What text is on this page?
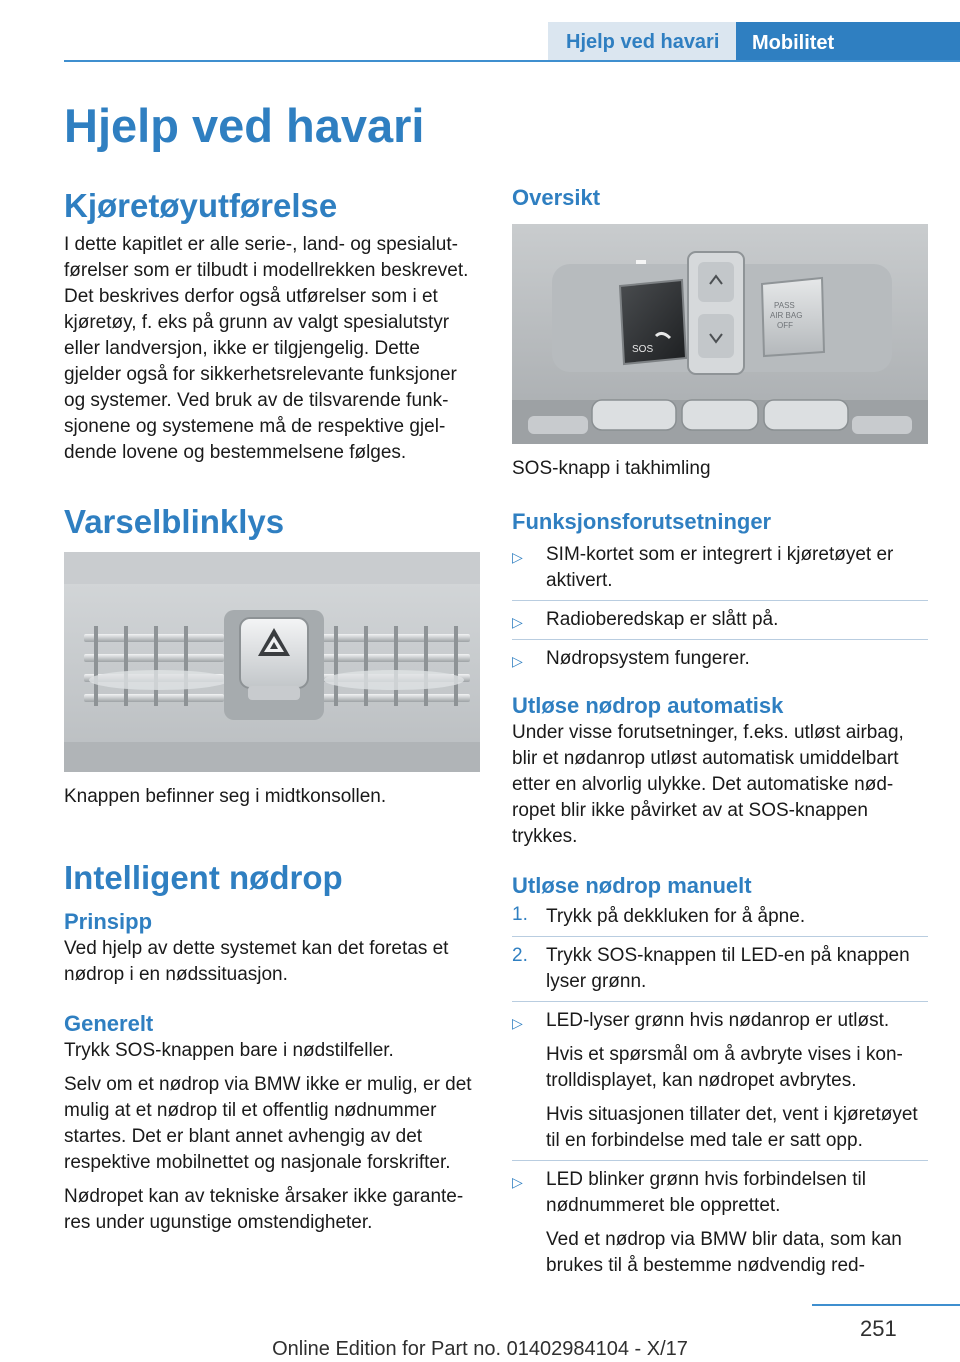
Hjelp ved havari	Mobilitet
Hjelp ved havari
Kjøretøyutførelse

I dette kapitlet er alle serie-, land- og spesialutførelser som er tilbudt i modellrekken beskrevet. Det beskrives derfor også utførelser som i et kjøretøy, f. eks på grunn av valgt spesialutstyr eller landversjon, ikke er tilgjengelig. Dette gjelder også for sikkerhetsrelevante funksjoner og systemer. Ved bruk av de tilsvarende funksjonene og systemene må de respektive gjeldende lovene og bestemmelsene følges.

Varselblinklys
Knappen befinner seg i midtkonsollen.
Intelligent nødrop
Prinsipp

Ved hjelp av dette systemet kan det foretas et nødrop i en nødssituasjon.

Generelt

Trykk SOS-knappen bare i nødstilfeller.

Selv om et nødrop via BMW ikke er mulig, er det mulig at et nødrop til et offentlig nødnummer startes. Det er blant annet avhengig av det respektive mobilnettet og nasjonale forskrifter.

Nødropet kan av tekniske årsaker ikke garanteres under ugunstige omstendigheter.

Oversikt
SOS
PASS
AIR BAG
OFF
SOS-knapp i takhimling
Funksjonsforutsetninger
▷ SIM-kortet som er integrert i kjøretøyet er aktivert.
▷ Radioberedskap er slått på.
▷ Nødropsystem fungerer.
Utløse nødrop automatisk

Under visse forutsetninger, f.eks. utløst airbag, blir et nødanrop utløst automatisk umiddelbart etter en alvorlig ulykke. Det automatiske nødropet blir ikke påvirket av at SOS-knappen trykkes.

Utløse nødrop manuelt
1. Trykk på dekkluken for å åpne.
2. Trykk SOS-knappen til LED-en på knappen lyser grønn.
▷ LED-lyser grønn hvis nødanrop er utløst.

Hvis et spørsmål om å avbryte vises i kontrolldisplayet, kan nødropet avbrytes.

Hvis situasjonen tillater det, vent i kjøretøyet til en forbindelse med tale er satt opp.

▷ LED blinker grønn hvis forbindelsen til nødnummeret ble opprettet.

Ved et nødrop via BMW blir data, som kan brukes til å bestemme nødvendig red-

251
Online Edition for Part no. 01402984104 - X/17
